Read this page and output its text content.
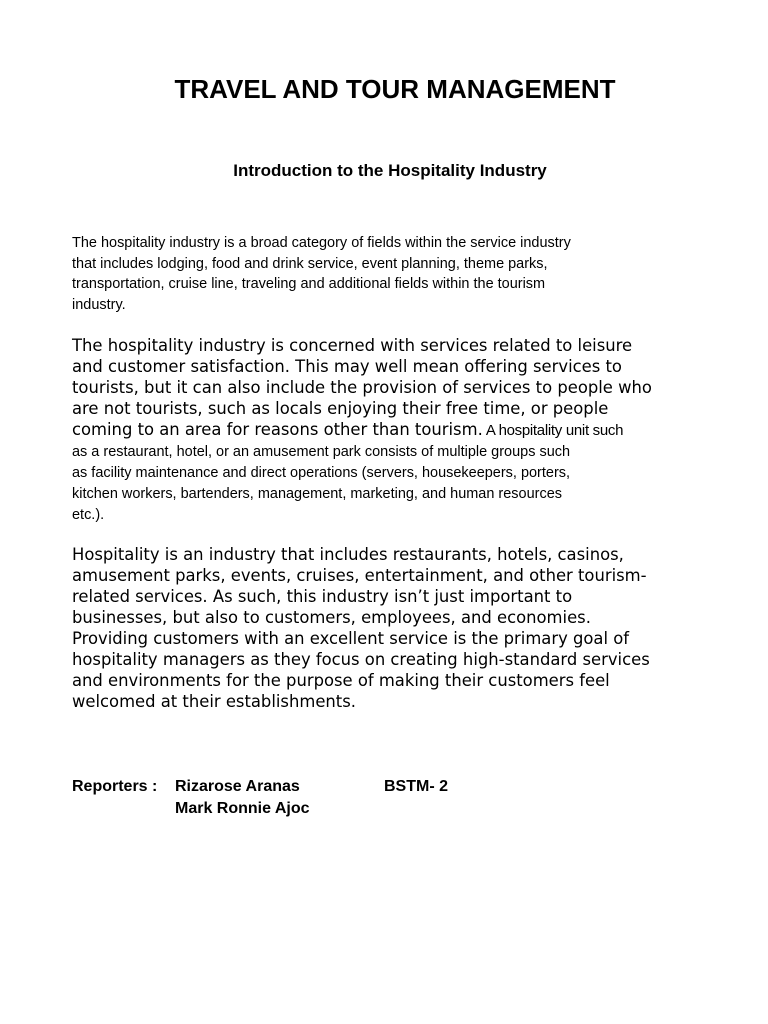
TRAVEL AND TOUR MANAGEMENT
Introduction to the Hospitality Industry
The hospitality industry is a broad category of fields within the service industry
that includes lodging, food and drink service, event planning, theme parks,
transportation, cruise line, traveling and additional fields within the tourism
industry.
The hospitality industry is concerned with services related to leisure
and customer satisfaction. This may well mean offering services to
tourists, but it can also include the provision of services to people who
are not tourists, such as locals enjoying their free time, or people
coming to an area for reasons other than tourism. A hospitality unit such
as a restaurant, hotel, or an amusement park consists of multiple groups such
as facility maintenance and direct operations (servers, housekeepers, porters,
kitchen workers, bartenders, management, marketing, and human resources
etc.).
Hospitality is an industry that includes restaurants, hotels, casinos,
amusement parks, events, cruises, entertainment, and other tourism-
related services. As such, this industry isn’t just important to
businesses, but also to customers, employees, and economies.
Providing customers with an excellent service is the primary goal of
hospitality managers as they focus on creating high-standard services
and environments for the purpose of making their customers feel
welcomed at their establishments.
Reporters : Rizarose Aranas
Mark Ronnie Ajoc
BSTM- 2
